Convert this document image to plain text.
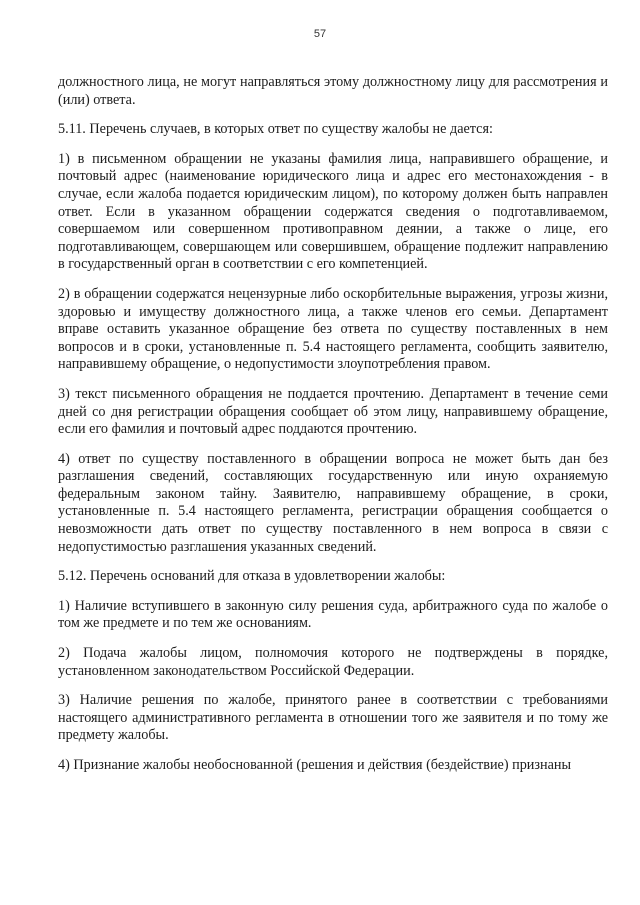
57

должностного лица, не могут направляться этому должностному лицу для рассмотрения и (или) ответа.

5.11. Перечень случаев, в которых ответ по существу жалобы не дается:

1) в письменном обращении не указаны фамилия лица, направившего обращение, и почтовый адрес (наименование юридического лица и адрес его местонахождения - в случае, если жалоба подается юридическим лицом), по которому должен быть направлен ответ. Если в указанном обращении содержатся сведения о подготавливаемом, совершаемом или совершенном противоправном деянии, а также о лице, его подготавливающем, совершающем или совершившем, обращение подлежит направлению в государственный орган в соответствии с его компетенцией.

2) в обращении содержатся нецензурные либо оскорбительные выражения, угрозы жизни, здоровью и имуществу должностного лица, а также членов его семьи. Департамент вправе оставить указанное обращение без ответа по существу поставленных в нем вопросов и в сроки, установленные п. 5.4 настоящего регламента, сообщить заявителю, направившему обращение, о недопустимости злоупотребления правом.

3) текст письменного обращения не поддается прочтению. Департамент в течение семи дней со дня регистрации обращения сообщает об этом лицу, направившему обращение, если его фамилия и почтовый адрес поддаются прочтению.

4) ответ по существу поставленного в обращении вопроса не может быть дан без разглашения сведений, составляющих государственную или иную охраняемую федеральным законом тайну. Заявителю, направившему обращение, в сроки, установленные п. 5.4 настоящего регламента, регистрации обращения сообщается о невозможности дать ответ по существу поставленного в нем вопроса в связи с недопустимостью разглашения указанных сведений.

5.12. Перечень оснований для отказа в удовлетворении жалобы:

1) Наличие вступившего в законную силу решения суда, арбитражного суда по жалобе о том же предмете и по тем же основаниям.

2) Подача жалобы лицом, полномочия которого не подтверждены в порядке, установленном законодательством Российской Федерации.

3) Наличие решения по жалобе, принятого ранее в соответствии с требованиями настоящего административного регламента в отношении того же заявителя и по тому же предмету жалобы.

4) Признание жалобы необоснованной (решения и действия (бездействие) признаны
